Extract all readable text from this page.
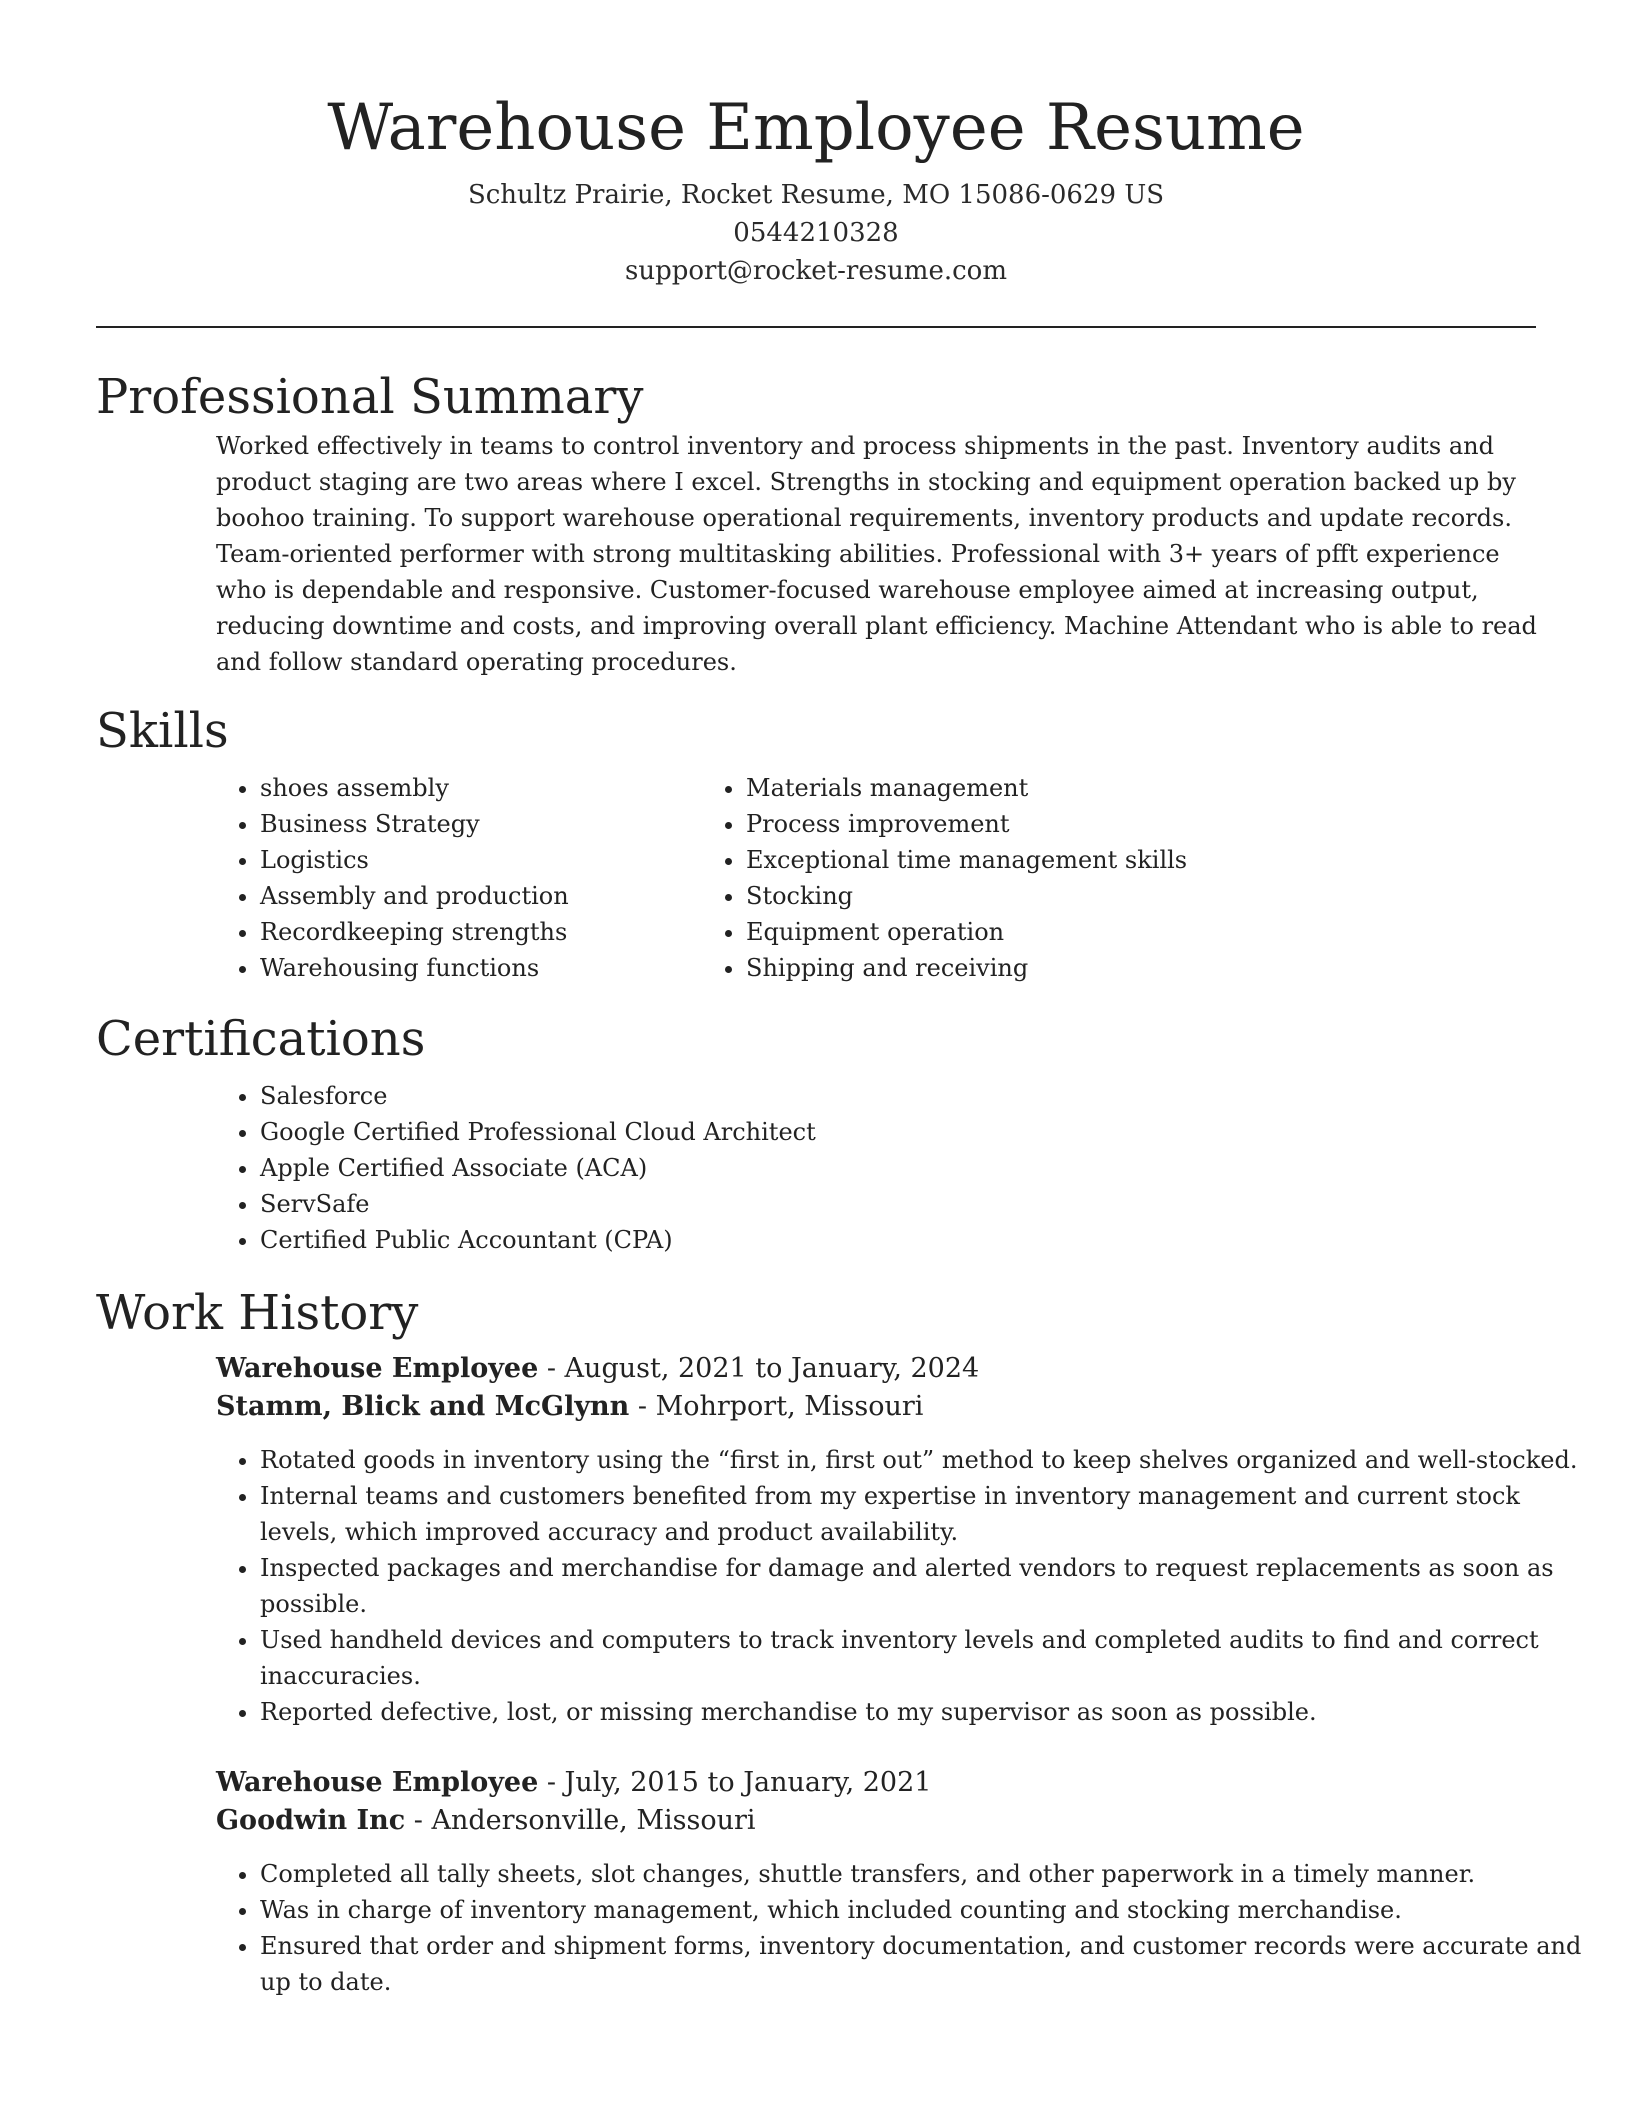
Warehouse Employee Resume

Schultz Prairie, Rocket Resume, MO 15086-0629 US

0544210328

support@rocket-resume.com

Professional Summary

Worked effectively in teams to control inventory and process shipments in the past. Inventory audits and product staging are two areas where I excel. Strengths in stocking and equipment operation backed up by boohoo training. To support warehouse operational requirements, inventory products and update records. Team-oriented performer with strong multitasking abilities. Professional with 3+ years of pfft experience who is dependable and responsive. Customer-focused warehouse employee aimed at increasing output, reducing downtime and costs, and improving overall plant efficiency. Machine Attendant who is able to read and follow standard operating procedures.

Skills
• shoes assembly
• Business Strategy
• Logistics
• Assembly and production
• Recordkeeping strengths
• Warehousing functions
• Materials management
• Process improvement
• Exceptional time management skills
• Stocking
• Equipment operation
• Shipping and receiving
Certifications
• Salesforce
• Google Certified Professional Cloud Architect
• Apple Certified Associate (ACA)
• ServSafe
• Certified Public Accountant (CPA)
Work History
Warehouse Employee - August, 2021 to January, 2024
Stamm, Blick and McGlynn - Mohrport, Missouri
• Rotated goods in inventory using the “first in, first out” method to keep shelves organized and well-stocked.
• Internal teams and customers benefited from my expertise in inventory management and current stock levels, which improved accuracy and product availability.
• Inspected packages and merchandise for damage and alerted vendors to request replacements as soon as possible.
• Used handheld devices and computers to track inventory levels and completed audits to find and correct inaccuracies.
• Reported defective, lost, or missing merchandise to my supervisor as soon as possible.
Warehouse Employee - July, 2015 to January, 2021
Goodwin Inc - Andersonville, Missouri
• Completed all tally sheets, slot changes, shuttle transfers, and other paperwork in a timely manner.
• Was in charge of inventory management, which included counting and stocking merchandise.
• Ensured that order and shipment forms, inventory documentation, and customer records were accurate and up to date.
